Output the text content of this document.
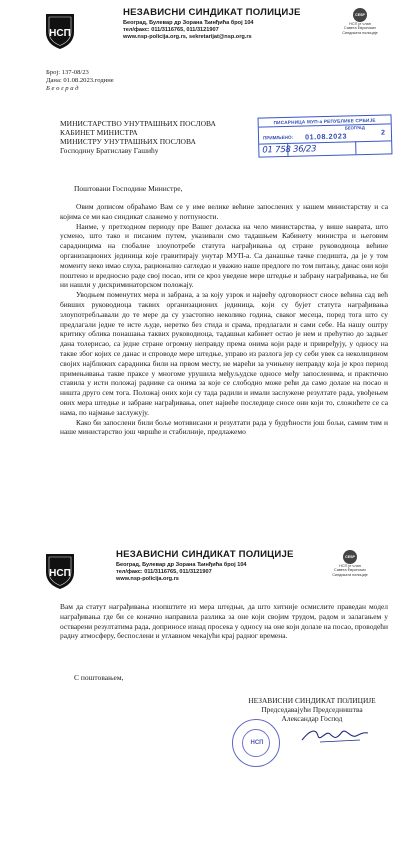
НСП
НЕЗАВИСНИ СИНДИКАТ ПОЛИЦИЈЕ
Београд, Булевар др Зорана Ђинђића број 104
тел/факс: 011/3116765, 011/3121907
www.nsp-policija.org.rs, sekretarijat@nsp.org.rs
CESP
НСП је члан
Савета Европских
Синдиката полиције
Број: 137-08/23
Дана: 01.08.2023.године
Б е о г р а д
МИНИСТАРСТВО УНУТРАШЊИХ ПОСЛОВА
КАБИНЕТ МИНИСТРА
МИНИСТРУ УНУТРАШЊИХ ПОСЛОВА
Господину Братиславу Гашићу
ПИСАРНИЦА МУП-а РЕПУБЛИКЕ СРБИЈЕ
БЕОГРАД
ПРИМЉЕНО: 01.08.2023	2
01 758 36/23
Поштовани Господине Министре,

Овим дописом обраћамо Вам се у име велике већине запослених у нашем министарству и са којима се ми као синдикат слажемо у потпуности.

Наиме, у претходном периоду пре Вашег доласка на чело министарства, у више наврата, што усмено, што тако и писаним путем, указивали смо тадашњем Кабинету министра и његовим сарадницима на глобалне злоупотребе статута награђивања од стране руководиоца већине организационих јединица које гравитирају унутар МУП-а. Са данашње тачке гледишта, да је у том моменту неко имао слуха, рационално сагледао и уважио наше предлоге по том питању, данас они који поштено и вредносно раде свој посао, ити се кроз уведене мере штедње и забрану награђивања, не би ни нашли у дискриминаторском положају.

Уводњем поменутих мера и забрана, а за коју узрок и највећу одговорност сносе већина сад већ бивших руководиоца таквих организационих јединица, који су бујет статута награђивања злоупотребљавали до те мере да су узастопно неколико година, сваког месеца, поред тога што су предлагали једне те исте људе, неретко без стида и срама, предлагали и сами себе. На нашу оштру критику облика понашања таквих руководиоца, тадашњи кабинет остао је нем и прећутно до задњег дана толерисао, са једне стране огромну неправду према онима који раде и привређују, у односу на такве због којих се данас и спроводе мере штедње, управо из разлога јер су себи увек са неколицином својих најближих сарадника били на првом месту, не марећи за учињену неправду која је кроз период примењивања такве праксе у многоме урушила међуљудске односе међу запосленима, и практично ставила у исти положај раднике са онима за које се слободно може рећи да само долазе на посао и ништа друго сем тога. Положај оних који су тада радили и имали заслужене резултате рада, увођењем ових мера штедње и забране награђивања, опет највеће последице сносе они који то, сложићете се са нама, по најмање заслужују.

Како би запослени били боље мотивисани и резултати рада у будућности још бољи, самим тим и наше министарство још чвршће и стабилније, предлажемо

НСП
НЕЗАВИСНИ СИНДИКАТ ПОЛИЦИЈЕ
Београд, Булевар др Зорана Ђинђића број 104
тел/факс: 011/3116765, 011/3121907
www.nsp-policija.org.rs
CESP
НСП је члан
Савета Европских
Синдиката полиције

Вам да статут награђивања изопштите из мера штедњи, да што хитније осмислите праведан модел награђивања где би се коначно направила разлика за оне који својим трудом, радом и залагањем у остварени резултатима рада, доприносе изнад просека у односу на оне који долазе на посао, проводећи радну атмосферу, беспослени и углавном чекајући крај радног времена.

С поштовањем,
НЕЗАВИСНИ СИНДИКАТ ПОЛИЦИЈЕ
Председавајући Председништва
Александар Господ
НСП
